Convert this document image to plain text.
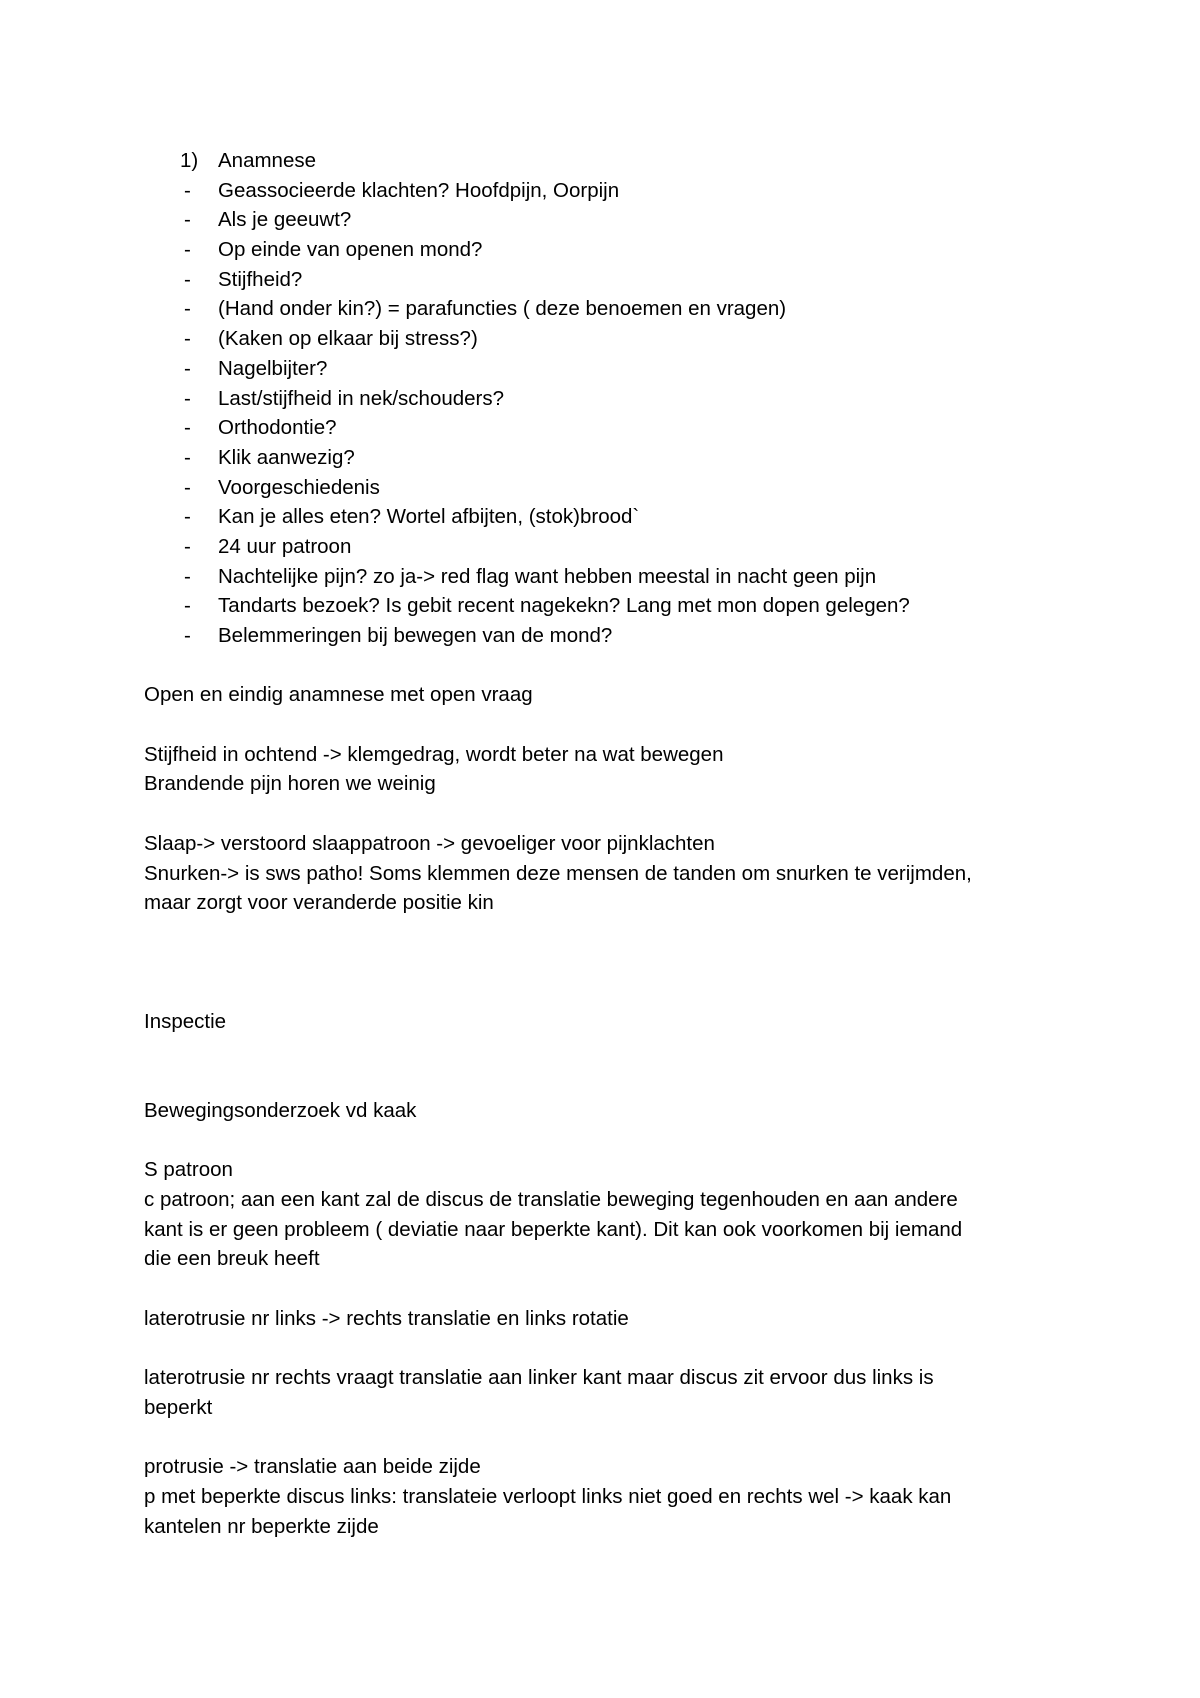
1) Anamnese
- Geassocieerde klachten? Hoofdpijn, Oorpijn
- Als je geeuwt?
- Op einde van openen mond?
- Stijfheid?
- (Hand onder kin?) = parafuncties ( deze benoemen en vragen)
- (Kaken op elkaar bij stress?)
- Nagelbijter?
- Last/stijfheid in nek/schouders?
- Orthodontie?
- Klik aanwezig?
- Voorgeschiedenis
- Kan je alles eten? Wortel afbijten, (stok)brood`
- 24 uur patroon
- Nachtelijke pijn? zo ja-> red flag want hebben meestal in nacht geen pijn
- Tandarts bezoek? Is gebit recent nagekekn? Lang met mon dopen gelegen?
- Belemmeringen bij bewegen van de mond?
Open en eindig anamnese met open vraag
Stijfheid in ochtend -> klemgedrag, wordt beter na wat bewegen
Brandende pijn horen we weinig
Slaap-> verstoord slaappatroon -> gevoeliger voor pijnklachten
Snurken-> is sws patho! Soms klemmen deze mensen de tanden om snurken te verijmden,
maar zorgt voor veranderde positie kin
Inspectie
Bewegingsonderzoek vd kaak
S patroon
c patroon; aan een kant zal de discus de translatie beweging tegenhouden en aan andere
kant is er geen probleem ( deviatie naar beperkte kant). Dit kan ook voorkomen bij iemand
die een breuk heeft
laterotrusie nr links -> rechts translatie en links rotatie
laterotrusie nr rechts vraagt translatie aan linker kant maar discus zit ervoor dus links is
beperkt
protrusie -> translatie aan beide zijde
p met beperkte discus links: translateie verloopt links niet goed en rechts wel -> kaak kan
kantelen nr beperkte zijde
